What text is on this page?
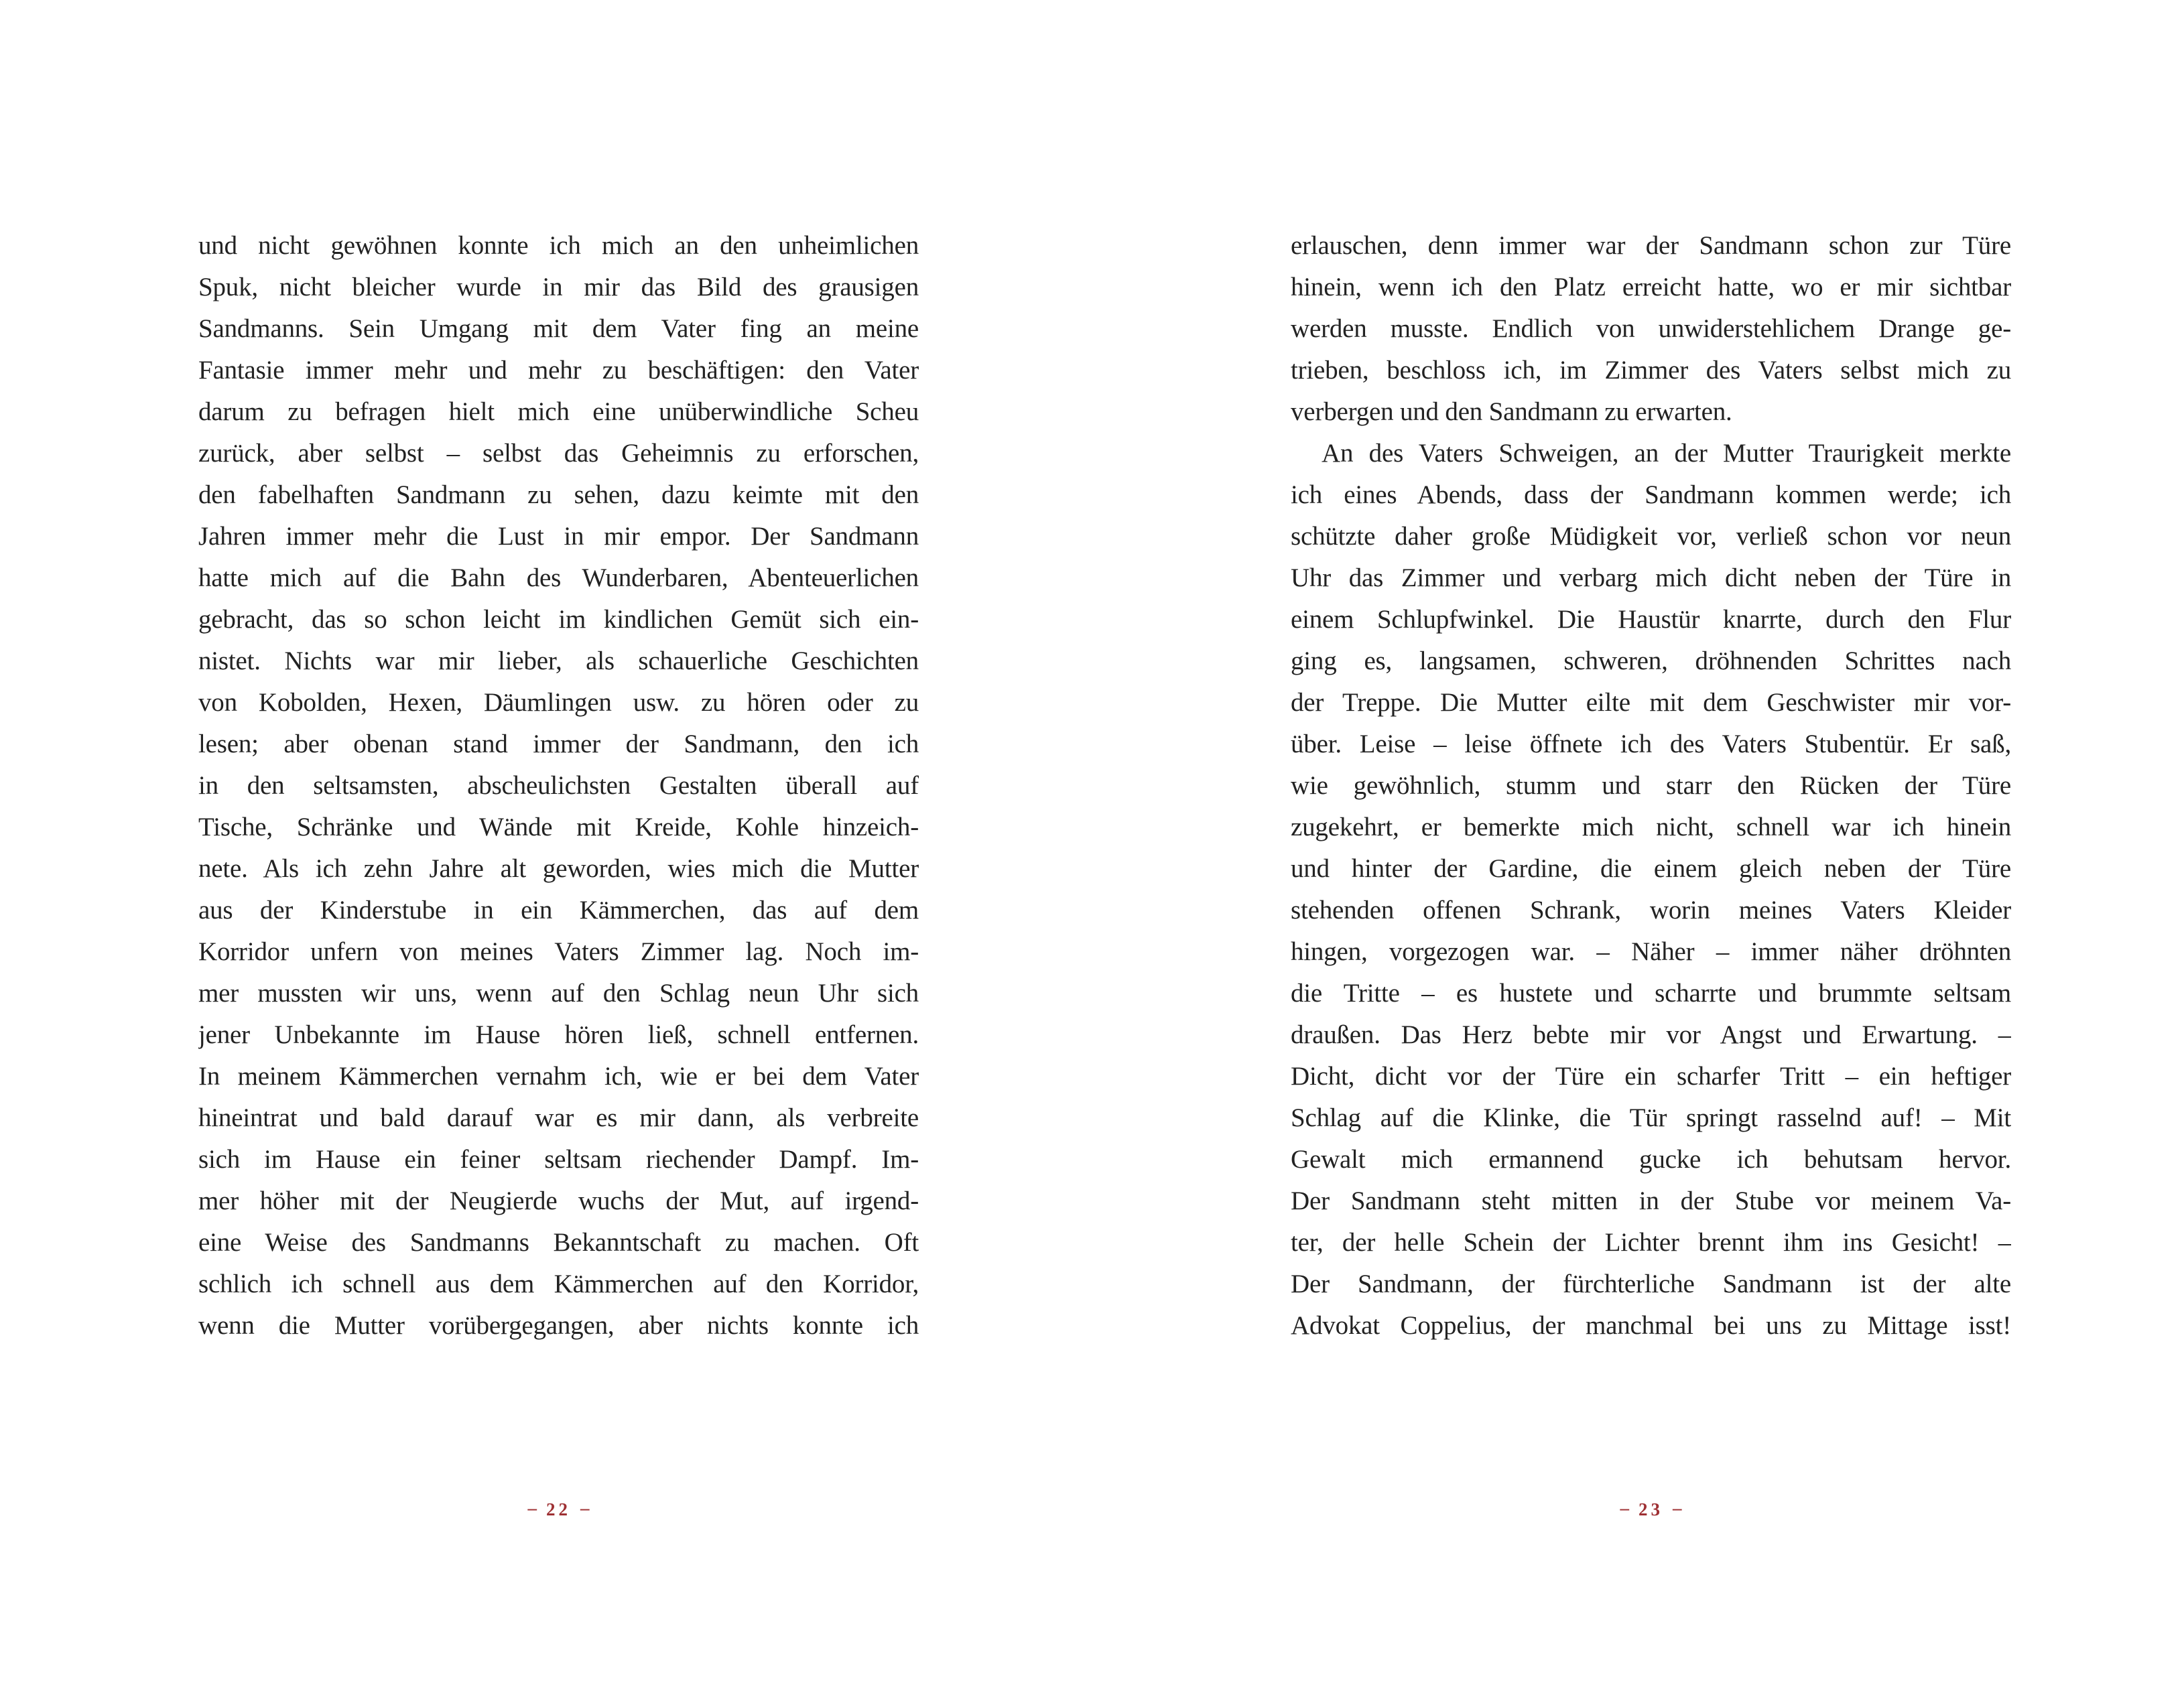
und nicht gewöhnen konnte ich mich an den unheimlichen
Spuk, nicht bleicher wurde in mir das Bild des grausigen
Sandmanns. Sein Umgang mit dem Vater fing an meine
Fantasie immer mehr und mehr zu beschäftigen: den Vater
darum zu befragen hielt mich eine unüberwindliche Scheu
zurück, aber selbst – selbst das Geheimnis zu erforschen,
den fabelhaften Sandmann zu sehen, dazu keimte mit den
Jahren immer mehr die Lust in mir empor. Der Sandmann
hatte mich auf die Bahn des Wunderbaren, Abenteuerlichen
gebracht, das so schon leicht im kindlichen Gemüt sich ein-
nistet. Nichts war mir lieber, als schauerliche Geschichten
von Kobolden, Hexen, Däumlingen usw. zu hören oder zu
lesen; aber obenan stand immer der Sandmann, den ich
in den seltsamsten, abscheulichsten Gestalten überall auf
Tische, Schränke und Wände mit Kreide, Kohle hinzeich-
nete. Als ich zehn Jahre alt geworden, wies mich die Mutter
aus der Kinderstube in ein Kämmerchen, das auf dem
Korridor unfern von meines Vaters Zimmer lag. Noch im-
mer mussten wir uns, wenn auf den Schlag neun Uhr sich
jener Unbekannte im Hause hören ließ, schnell entfernen.
In meinem Kämmerchen vernahm ich, wie er bei dem Vater
hineintrat und bald darauf war es mir dann, als verbreite
sich im Hause ein feiner seltsam riechender Dampf. Im-
mer höher mit der Neugierde wuchs der Mut, auf irgend-
eine Weise des Sandmanns Bekanntschaft zu machen. Oft
schlich ich schnell aus dem Kämmerchen auf den Korridor,
wenn die Mutter vorübergegangen, aber nichts konnte ich
erlauschen, denn immer war der Sandmann schon zur Türe
hinein, wenn ich den Platz erreicht hatte, wo er mir sichtbar
werden musste. Endlich von unwiderstehlichem Drange ge-
trieben, beschloss ich, im Zimmer des Vaters selbst mich zu
verbergen und den Sandmann zu erwarten.
An des Vaters Schweigen, an der Mutter Traurigkeit merkte
ich eines Abends, dass der Sandmann kommen werde; ich
schützte daher große Müdigkeit vor, verließ schon vor neun
Uhr das Zimmer und verbarg mich dicht neben der Türe in
einem Schlupfwinkel. Die Haustür knarrte, durch den Flur
ging es, langsamen, schweren, dröhnenden Schrittes nach
der Treppe. Die Mutter eilte mit dem Geschwister mir vor-
über. Leise – leise öffnete ich des Vaters Stubentür. Er saß,
wie gewöhnlich, stumm und starr den Rücken der Türe
zugekehrt, er bemerkte mich nicht, schnell war ich hinein
und hinter der Gardine, die einem gleich neben der Türe
stehenden offenen Schrank, worin meines Vaters Kleider
hingen, vorgezogen war. – Näher – immer näher dröhnten
die Tritte – es hustete und scharrte und brummte seltsam
draußen. Das Herz bebte mir vor Angst und Erwartung. –
Dicht, dicht vor der Türe ein scharfer Tritt – ein heftiger
Schlag auf die Klinke, die Tür springt rasselnd auf! – Mit
Gewalt mich ermannend gucke ich behutsam hervor.
Der Sandmann steht mitten in der Stube vor meinem Va-
ter, der helle Schein der Lichter brennt ihm ins Gesicht! –
Der Sandmann, der fürchterliche Sandmann ist der alte
Advokat Coppelius, der manchmal bei uns zu Mittage isst!
– 22 –	– 23 –
